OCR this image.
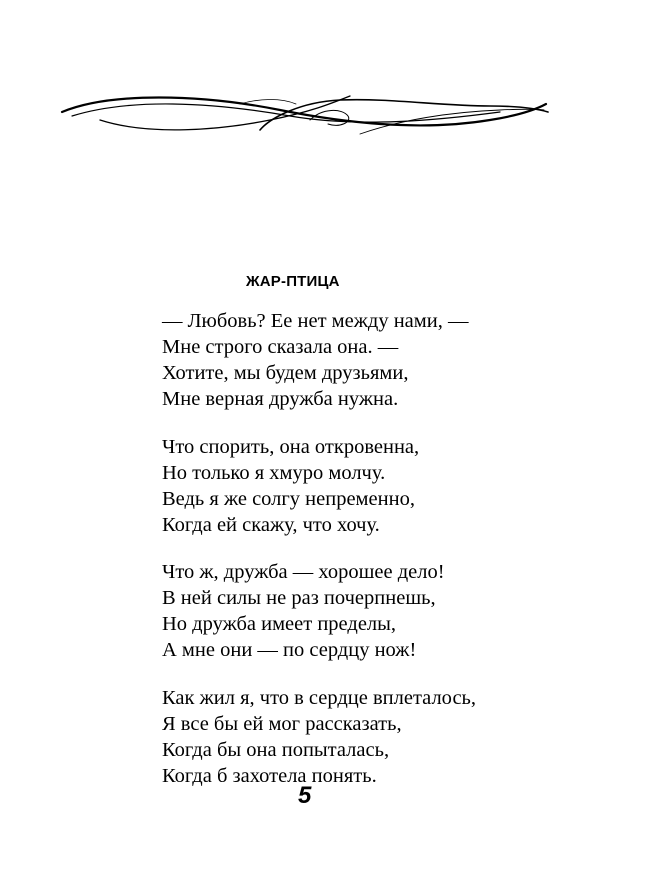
ЖАР-ПТИЦА
— Любовь? Ее нет между нами, —
Мне строго сказала она. —
Хотите, мы будем друзьями,
Мне верная дружба нужна.
Что спорить, она откровенна,
Но только я хмуро молчу.
Ведь я же солгу непременно,
Когда ей скажу, что хочу.
Что ж, дружба — хорошее дело!
В ней силы не раз почерпнешь,
Но дружба имеет пределы,
А мне они — по сердцу нож!
Как жил я, что в сердце вплеталось,
Я все бы ей мог рассказать,
Когда бы она попыталась,
Когда б захотела понять.
5
